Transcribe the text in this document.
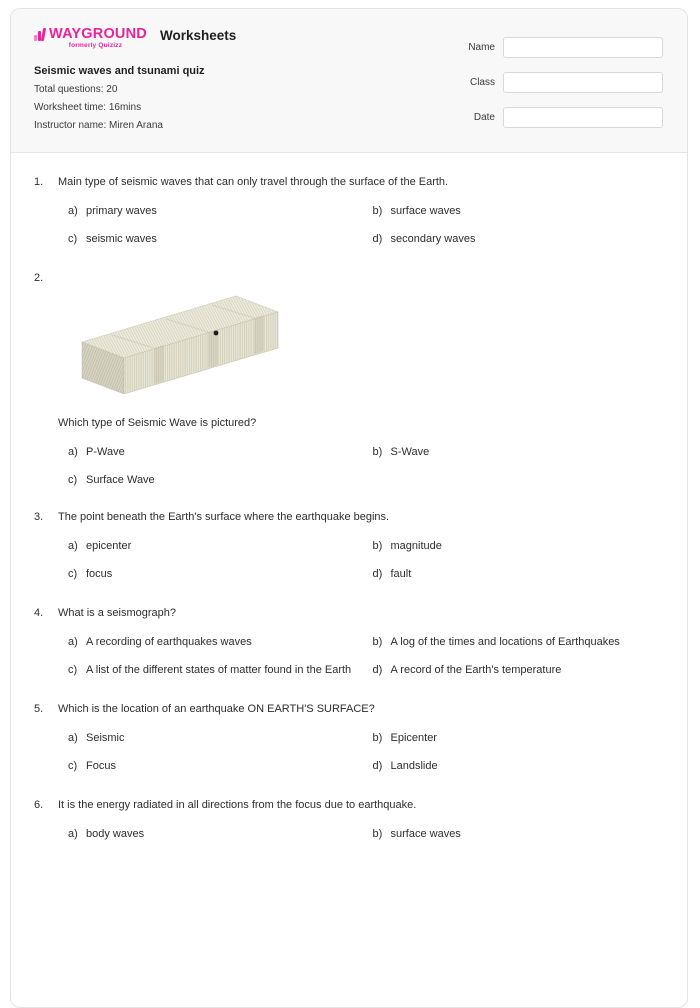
WAYGROUND
formerly Quizizz
Worksheets
Seismic waves and tsunami quiz
Total questions: 20
Worksheet time: 16mins
Instructor name: Miren Arana
Name
Class
Date
1.	Main type of seismic waves that can only travel through the surface of the Earth.
a) primary waves	b) surface waves
c) seismic waves	d) secondary waves
2.
Which type of Seismic Wave is pictured?
a) P-Wave	b) S-Wave
c) Surface Wave
3.	The point beneath the Earth's surface where the earthquake begins.
a) epicenter	b) magnitude
c) focus	d) fault
4.	What is a seismograph?
a) A recording of earthquakes waves	b) A log of the times and locations of Earthquakes
c) A list of the different states of matter found in the Earth	d) A record of the Earth's temperature
5.	Which is the location of an earthquake ON EARTH'S SURFACE?
a) Seismic	b) Epicenter
c) Focus	d) Landslide
6.	It is the energy radiated in all directions from the focus due to earthquake.
a) body waves	b) surface waves
